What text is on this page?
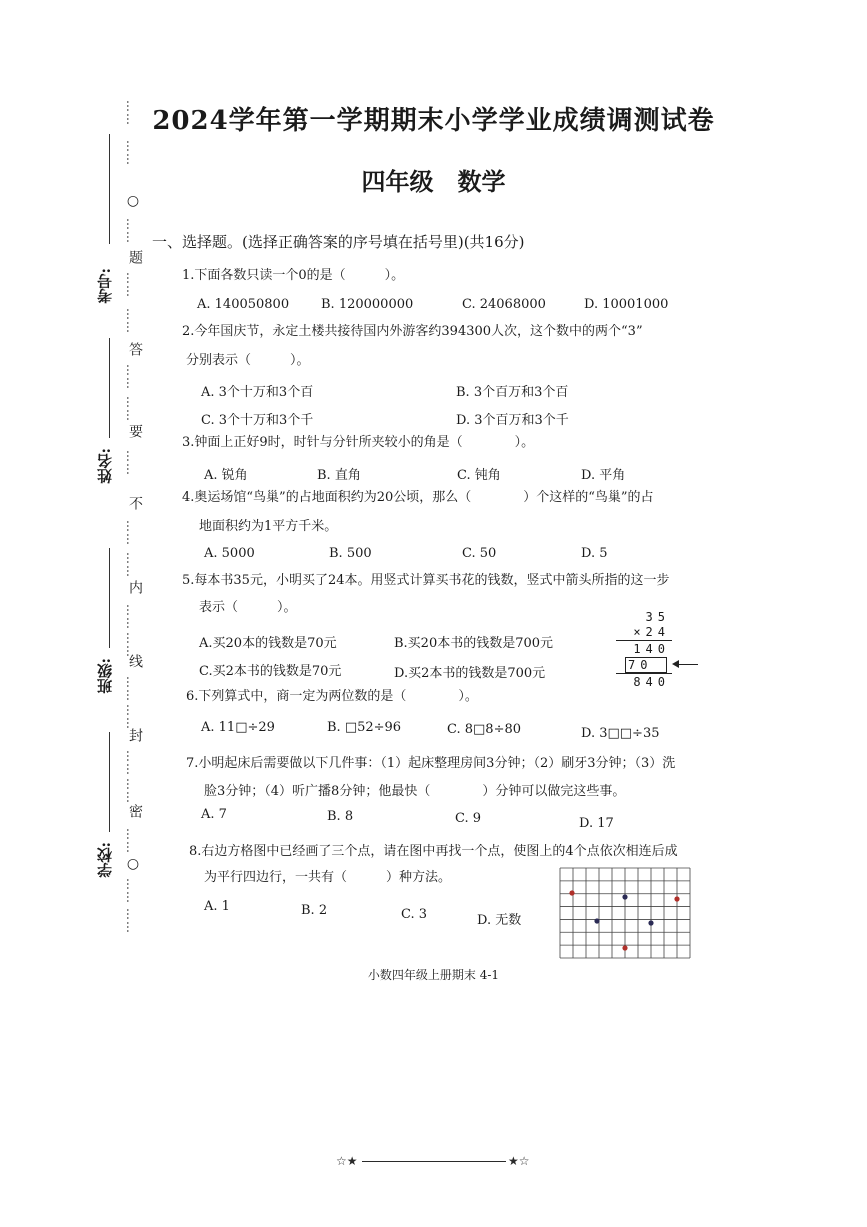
考号:
姓名:
班级:
学校:
……
……
○
……
题
……
……
答
……
……
要
……
不
……
……
内
……
……
线
……
……
封
……
……
密
……
○
……
……
2024学年第一学期期末小学学业成绩调测试卷
四年级　数学
一、选择题。(选择正确答案的序号填在括号里)(共16分)
1.下面各数只读一个0的是（　　　）。
A. 140050800 B. 120000000	C. 24068000	D. 10001000
2.今年国庆节，永定土楼共接待国内外游客约394300人次，这个数中的两个“3”
分别表示（　　　）。
A. 3个十万和3个百	B. 3个百万和3个百
C. 3个十万和3个千	D. 3个百万和3个千
3.钟面上正好9时，时针与分针所夹较小的角是（　　　　）。
A. 锐角	B. 直角	C. 钝角	D. 平角
4.奥运场馆“鸟巢”的占地面积约为20公顷，那么（　　　　）个这样的“鸟巢”的占
地面积约为1平方千米。
A. 5000	B. 500	C. 50	D. 5
5.每本书35元，小明买了24本。用竖式计算买书花的钱数，竖式中箭头所指的这一步
表示（　　　）。
A.买20本的钱数是70元	B.买20本书的钱数是700元
C.买2本书的钱数是70元	D.买2本书的钱数是700元
35
×24
140
70
840
6.下列算式中，商一定为两位数的是（　　　　）。
A. 11□÷29	B. □52÷96	C. 8□8÷80	D. 3□□÷35
7.小明起床后需要做以下几件事：（1）起床整理房间3分钟；（2）刷牙3分钟；（3）洗
脸3分钟；（4）听广播8分钟；他最快（　　　　）分钟可以做完这些事。
A. 7	B. 8	C. 9	D. 17
8.右边方格图中已经画了三个点，请在图中再找一个点，使图上的4个点依次相连后成
为平行四边行，一共有（　　　）种方法。
A. 1	B. 2	C. 3	D. 无数
小数四年级上册期末 4-1
☆★	★☆
